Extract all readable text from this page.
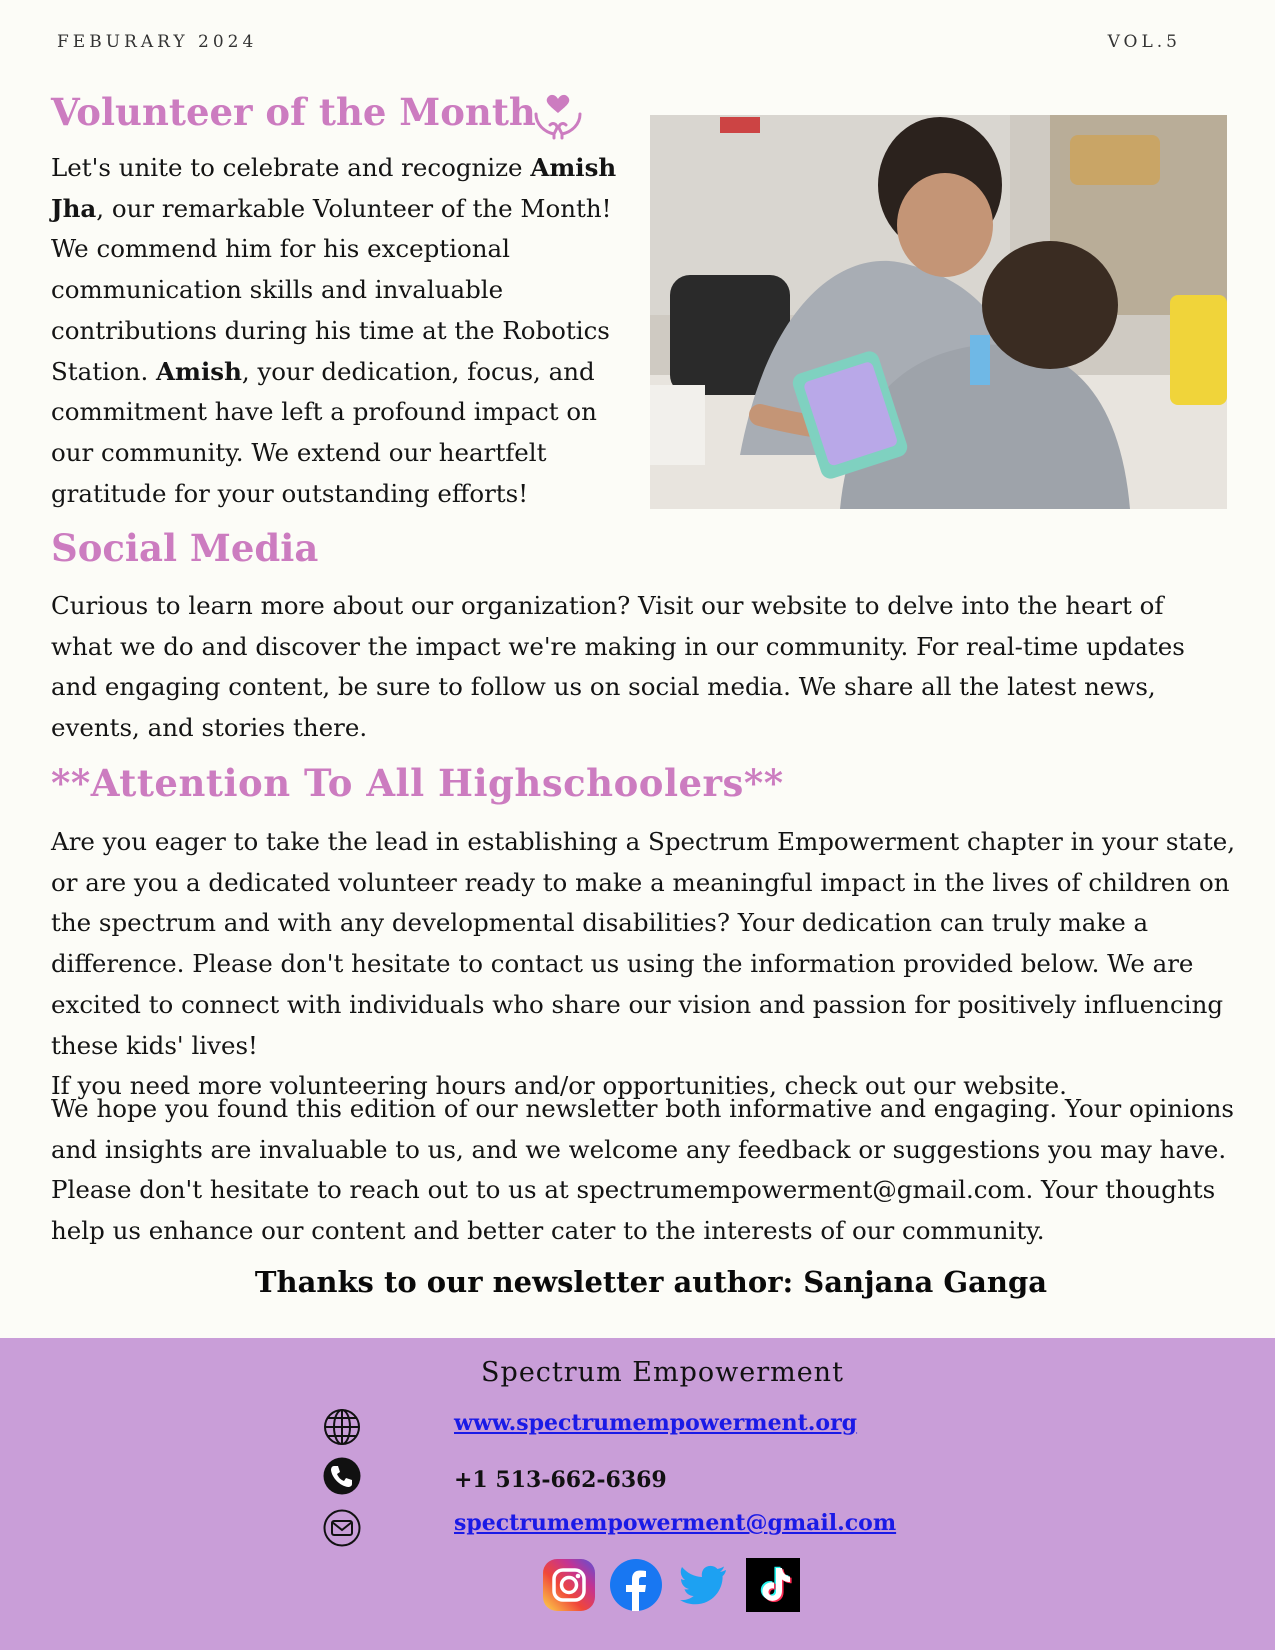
FEBURARY 2024	VOL.5
Volunteer of the Month

Let's unite to celebrate and recognize Amish Jha, our remarkable Volunteer of the Month! We commend him for his exceptional communication skills and invaluable contributions during his time at the Robotics Station. Amish, your dedication, focus, and commitment have left a profound impact on our community. We extend our heartfelt gratitude for your outstanding efforts!

Social Media

Curious to learn more about our organization? Visit our website to delve into the heart of what we do and discover the impact we're making in our community. For real-time updates and engaging content, be sure to follow us on social media. We share all the latest news, events, and stories there.

**Attention To All Highschoolers**
Are you eager to take the lead in establishing a Spectrum Empowerment chapter in your state, or are you a dedicated volunteer ready to make a meaningful impact in the lives of children on the spectrum and with any developmental disabilities? Your dedication can truly make a difference. Please don't hesitate to contact us using the information provided below. We are excited to connect with individuals who share our vision and passion for positively influencing these kids' lives!
If you need more volunteering hours and/or opportunities, check out our website.

We hope you found this edition of our newsletter both informative and engaging. Your opinions and insights are invaluable to us, and we welcome any feedback or suggestions you may have. Please don't hesitate to reach out to us at spectrumempowerment@gmail.com. Your thoughts help us enhance our content and better cater to the interests of our community.

Thanks to our newsletter author: Sanjana Ganga
Spectrum Empowerment
www.spectrumempowerment.org
+1 513-662-6369
spectrumempowerment@gmail.com
